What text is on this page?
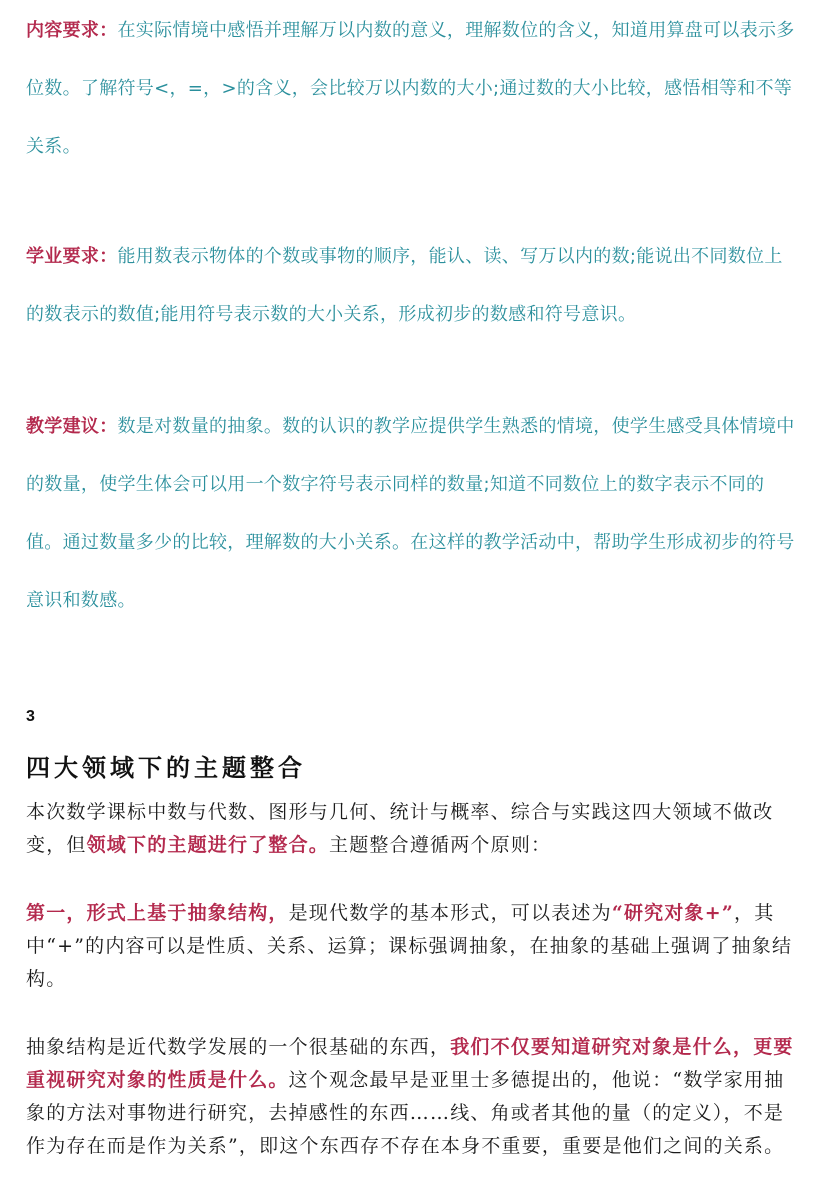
内容要求：在实际情境中感悟并理解万以内数的意义，理解数位的含义，知道用算盘可以表示多位数。了解符号<，=，>的含义，会比较万以内数的大小;通过数的大小比较，感悟相等和不等关系。

学业要求：能用数表示物体的个数或事物的顺序，能认、读、写万以内的数;能说出不同数位上的数表示的数值;能用符号表示数的大小关系，形成初步的数感和符号意识。

教学建议：数是对数量的抽象。数的认识的教学应提供学生熟悉的情境，使学生感受具体情境中的数量，使学生体会可以用一个数字符号表示同样的数量;知道不同数位上的数字表示不同的值。通过数量多少的比较，理解数的大小关系。在这样的教学活动中，帮助学生形成初步的符号意识和数感。

3

四大领域下的主题整合

本次数学课标中数与代数、图形与几何、统计与概率、综合与实践这四大领域不做改变，但领域下的主题进行了整合。主题整合遵循两个原则：

第一，形式上基于抽象结构，是现代数学的基本形式，可以表述为“研究对象+”，其中“+”的内容可以是性质、关系、运算；课标强调抽象，在抽象的基础上强调了抽象结构。

抽象结构是近代数学发展的一个很基础的东西，我们不仅要知道研究对象是什么，更要重视研究对象的性质是什么。这个观念最早是亚里士多德提出的，他说：“数学家用抽象的方法对事物进行研究，去掉感性的东西……线、角或者其他的量（的定义），不是作为存在而是作为关系”，即这个东西存不存在本身不重要，重要是他们之间的关系。
